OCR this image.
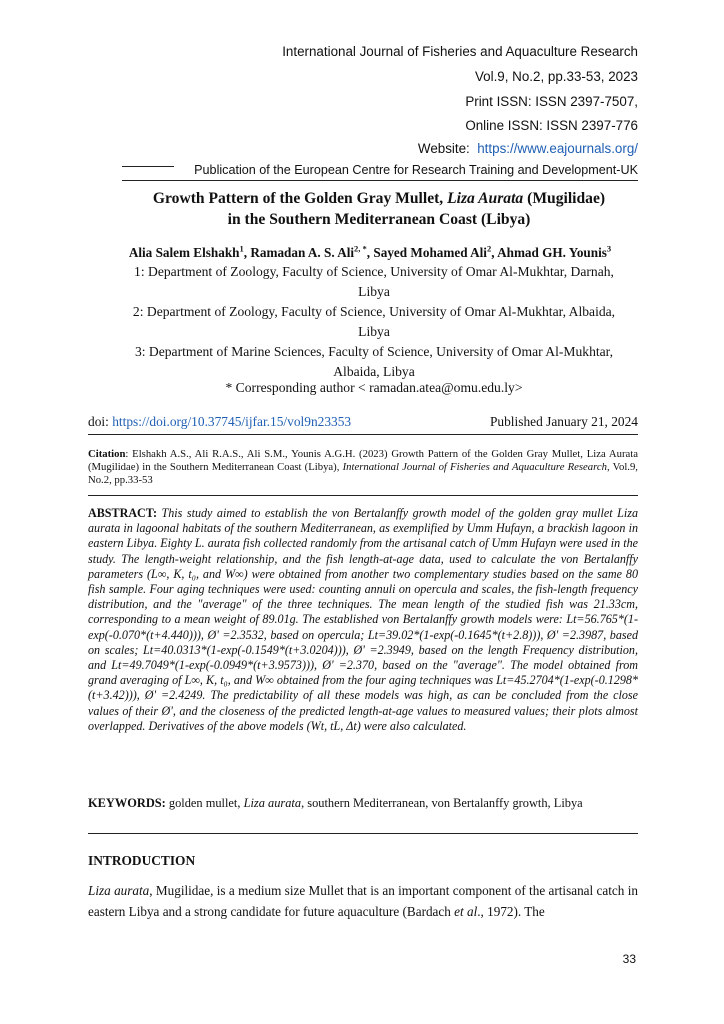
International Journal of Fisheries and Aquaculture Research
Vol.9, No.2, pp.33-53, 2023
Print ISSN: ISSN 2397-7507,
Online ISSN: ISSN 2397-776
Website: https://www.eajournals.org/
Publication of the European Centre for Research Training and Development-UK
Growth Pattern of the Golden Gray Mullet, Liza Aurata (Mugilidae)
in the Southern Mediterranean Coast (Libya)
Alia Salem Elshakh$^1$, Ramadan A. S. Ali$^{2, *}$, Sayed Mohamed Ali$^2$, Ahmad GH. Younis$^3$
1: Department of Zoology, Faculty of Science, University of Omar Al-Mukhtar, Darnah,
Libya
2: Department of Zoology, Faculty of Science, University of Omar Al-Mukhtar, Albaida,
Libya
3: Department of Marine Sciences, Faculty of Science, University of Omar Al-Mukhtar,
Albaida, Libya
* Corresponding author < ramadan.atea@omu.edu.ly>
doi: https://doi.org/10.37745/ijfar.15/vol9n23353	Published January 21, 2024
Citation: Elshakh A.S., Ali R.A.S., Ali S.M., Younis A.G.H. (2023) Growth Pattern of the Golden Gray Mullet, Liza Aurata (Mugilidae) in the Southern Mediterranean Coast (Libya), International Journal of Fisheries and Aquaculture Research, Vol.9, No.2, pp.33-53
ABSTRACT: This study aimed to establish the von Bertalanffy growth model of the golden gray mullet Liza aurata in lagoonal habitats of the southern Mediterranean, as exemplified by Umm Hufayn, a brackish lagoon in eastern Libya. Eighty L. aurata fish collected randomly from the artisanal catch of Umm Hufayn were used in the study. The length-weight relationship, and the fish length-at-age data, used to calculate the von Bertalanffy parameters (L∞, K, t₀, and W∞) were obtained from another two complementary studies based on the same 80 fish sample. Four aging techniques were used: counting annuli on opercula and scales, the fish-length frequency distribution, and the "average" of the three techniques. The mean length of the studied fish was 21.33cm, corresponding to a mean weight of 89.01g. The established von Bertalanffy growth models were: Lt=56.765*(1-exp(-0.070*(t+4.440))), Øʹ =2.3532, based on opercula; Lt=39.02*(1-exp(-0.1645*(t+2.8))), Øʹ =2.3987, based on scales; Lt=40.0313*(1-exp(-0.1549*(t+3.0204))), Øʹ =2.3949, based on the length Frequency distribution, and Lt=49.7049*(1-exp(-0.0949*(t+3.9573))), Øʹ =2.370, based on the "average". The model obtained from grand averaging of L∞, K, t₀, and W∞ obtained from the four aging techniques was Lt=45.2704*(1-exp(-0.1298*(t+3.42))), Øʹ =2.4249. The predictability of all these models was high, as can be concluded from the close values of their Øʹ, and the closeness of the predicted length-at-age values to measured values; their plots almost overlapped. Derivatives of the above models (Wt, tL, Δt) were also calculated.
KEYWORDS: golden mullet, Liza aurata, southern Mediterranean, von Bertalanffy growth, Libya
INTRODUCTION
Liza aurata, Mugilidae, is a medium size Mullet that is an important component of the artisanal catch in eastern Libya and a strong candidate for future aquaculture (Bardach et al., 1972). The
33
